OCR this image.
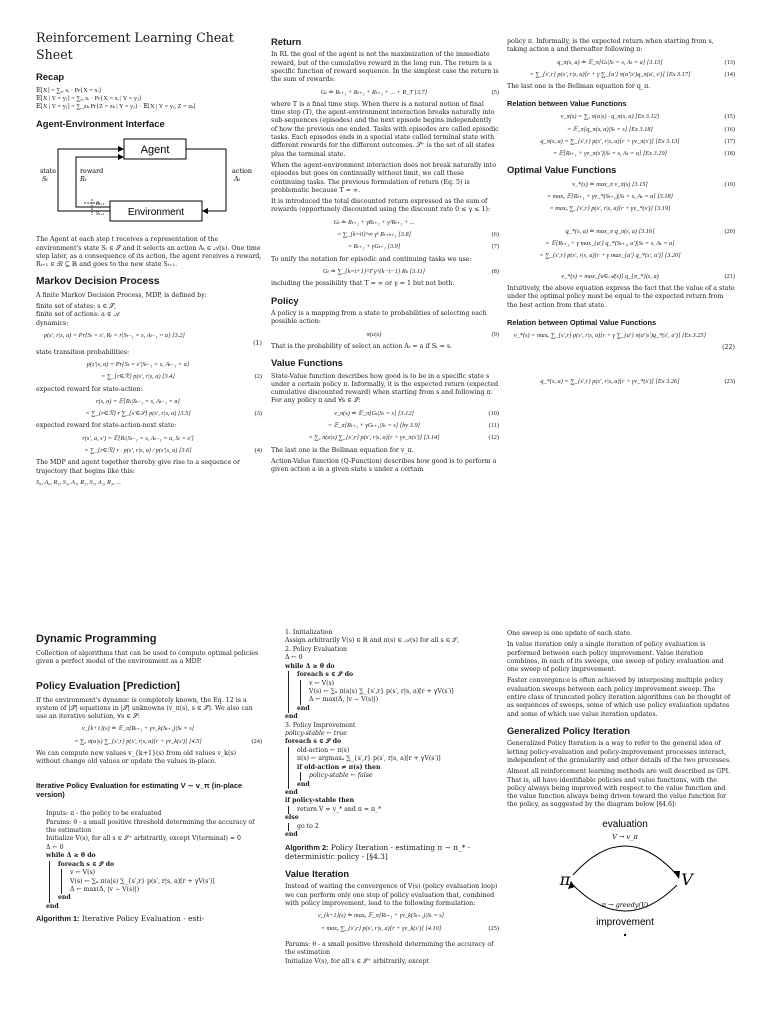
Reinforcement Learning Cheat Sheet
Recap
𝔼[X] = ∑ₓᵢ xᵢ · Pr{X = xᵢ}
𝔼[X | Y = yⱼ] = ∑ₓᵢ xᵢ · Pr{X = xᵢ | Y = yⱼ}
𝔼[X | Y = yⱼ] = ∑_zₖ Pr{Z = zₖ | Y = yⱼ} · 𝔼[X | Y = yⱼ, Z = zₖ]
Agent-Environment Interface
Agent
Environment
state
Sₜ
reward
Rₜ
action
Aₜ
Rₜ₊₁
Sₜ₊₁

The Agent at each step t receives a representation of the environment's state Sₜ ∈ 𝒮 and it selects an action Aₜ ∈ 𝒜(s). One time step later, as a consequence of its action, the agent receives a reward, Rₜ₊₁ ∈ ℛ ⊆ ℝ and goes to the new state Sₜ₊₁.

Markov Decision Process

A finite Markov Decision Process, MDP, is defined by:

finite set of states: s ∈ 𝒮,
finite set of actions: a ∈ 𝒜
dynamics:
p(s′, r|s, a) = Pr{Sₜ = s′, Rₜ = r|Sₜ₋₁ = s, Aₜ₋₁ = a} [3.2]
(1)

state transition probabilities:

p(s′|s, a) = Pr{Sₜ = s′|Sₜ₋₁ = s, Aₜ₋₁ = a}
= ∑_{r∈ℛ} p(s′, r|s, a) [3.4]	(2)

expected reward for state-action:

r(s, a) = 𝔼[Rₜ|Sₜ₋₁ = s, Aₜ₋₁ = a]
= ∑_{r∈ℛ} r ∑_{s′∈𝒮} p(s′, r|s, a) [3.5]	(3)

expected reward for state-action-next state:

r(s′, a, s′) = 𝔼[Rₜ|Sₜ₋₁ = s, Aₜ₋₁ = a, Sₜ = s′]
= ∑_{r∈ℛ} r · p(s′, r|s, a) / p(s′|s, a) [3.6]	(4)

The MDP and agent together thereby give rise to a sequence or trajectory that begins like this:

S₀, A₀, R₁, S₁, A₁, R₂, S₂, A₂, R₃, ...
Return

In RL the goal of the agent is not the maximization of the immediate reward, but of the cumulative reward in the long run. The return is a specific function of reward sequence. In the simplest case the return is the sum of rewards:

Gₜ ≐ Rₜ₊₁ + Rₜ₊₂ + Rₜ₊₃ + ... + R_T [3.7]	(5)

where T is a final time step. When there is a natural notion of final time step (T), the agent-environment interaction breaks naturally into sub-sequences (episodes) and the next episode begins independently of how the previous one ended. Tasks with episodes are called episodic tasks. Each episodes ends in a special state called terminal state with different rewards for the different outcomes. 𝒮⁺ is the set of all states plus the terminal state.

When the agent-environment interaction does not break naturally into episodes but goes on continually without limit, we call these continuing tasks. The previous formulation of return (Eq. 5) is problematic because T = ∞.

It is introduced the total discounted return expressed as the sum of rewards (opportunely discounted using the discount rate 0 ≤ γ ≤ 1):

Gₜ ≐ Rₜ₊₁ + γRₜ₊₂ + γ²Rₜ₊₃ + ...
= ∑_{k=0}^∞ γᵏ Rₜ₊ₖ₊₁ [3.8]	(6)
= Rₜ₊₁ + γGₜ₊₁ [3.9]	(7)

To unify the notation for episodic and continuing tasks we use:

Gₜ ≐ ∑_{k=t+1}^T γ^{k−t−1} Rₖ [3.11]	(8)

including the possibility that T = ∞ or γ = 1 but not both.

Policy

A policy is a mapping from a state to probabilities of selecting each possible action:

π(a|s)	(9)

That is the probability of select an action Aₜ = a if Sₜ = s.

Value Functions

State-Value function describes how good is to be in a specific state s under a certain policy π. Informally, it is the expected return (expected cumulative discounted reward) when starting from s and following π. For any policy π and ∀s ∈ 𝒮:

v_π(s) ≐ 𝔼_π[Gₜ|Sₜ = s] [3.12]	(10)
= 𝔼_π[Rₜ₊₁ + γGₜ₊₁|Sₜ = s] [by 3.9]	(11)
= ∑ₐ π(a|s) ∑_{s′,r} p(s′, r|s, a)[r + γv_π(s′)] [3.14]	(12)

The last one is the Bellman equation for v_π.

Action-Value function (Q-Function) describes how good is to perform a given action a in a given state s under a certain

policy π. Informally, is the expected return when starting from s, taking action a and thereafter following π:

q_π(s, a) ≐ 𝔼_π[Gₜ|Sₜ = s, Aₜ = a] [3.13]	(13)
= ∑_{s′,r} p(s′, r|s, a)[r + γ ∑_{a′} π(a′|s′)q_π(a′, s′)] [Ex 3.17]	(14)

The last one is the Bellman equation for q_π.

Relation between Value Functions
v_π(s) = ∑ₐ π(a|s) · q_π(s, a) [Ex 3.12]	(15)
= 𝔼_π[q_π(s, a)|Sₜ = s] [Ex 3.18]	(16)
q_π(s, a) = ∑_{s′,r} p(s′, r|s, a)[r + γv_π(s′)] [Ex 3.13]	(17)
= 𝔼[Rₜ₊₁ + γv_π(s′)|Sₜ = s, Aₜ = a] [Ex 3.19]	(18)
Optimal Value Functions
v_*(s) ≐ max_π v_π(s) [3.15]	(19)
= maxₐ 𝔼[Rₜ₊₁ + γv_*(Sₜ₊₁)|Sₜ = s, Aₜ = a] [3.18]
= maxₐ ∑_{s′,r} p(s′, r|s, a)[r + γv_*(s′)] [3.19]
q_*(s, a) ≐ max_π q_π(s, a) [3.16]	(20)
= 𝔼[Rₜ₊₁ + γ max_{a′} q_*(Sₜ₊₁, a′)|Sₜ = s, Aₜ = a]
= ∑_{s′,r} p(s′, r|s, a)[r + γ max_{a′} q_*(s′, a′)] [3.20]
v_*(s) = max_{a∈𝒜(s)} q_{π_*}(s, a)	(21)

Intuitively, the above equation express the fact that the value of a state under the optimal policy must be equal to the expected return from the best action from that state.

Relation between Optimal Value Functions
v_*(s) = maxₐ ∑_{s′,r} p(s′, r|s, a)[r + γ ∑_{a′} π(a′|s′)q_*(s′, a′)] [Ex 3.25]
(22)
q_*(s, a) = ∑_{s′,r} p(s′, r|s, a)[r + γv_*(s′)] [Ex 3.26]	(23)
Dynamic Programming

Collection of algorithms that can be used to compute optimal policies given a perfect model of the environment as a MDP.

Policy Evaluation [Prediction]

If the environment's dynamic is completely known, the Eq. 12 is a system of |𝒮| equations in |𝒮| unknowns (v_π(s), s ∈ 𝒮). We also can use an iterative solution, ∀s ∈ 𝒮:

v_{k+1}(s) ≐ 𝔼_π[Rₜ₊₁ + γv_k(Sₜ₊₁)|Sₜ = s]
= ∑ₐ π(a|s) ∑_{s′,r} p(s′, r|s, a)[r + γv_k(s′)] [4.5]	(24)

We can compute new values v_{k+1}(s) from old values v_k(s) without change old values or update the values in-place.

Iterative Policy Evaluation for estimating V ∼ v_π (in-place version)
Inputs: π - the policy to be evaluated
Params: θ - a small positive threshold determining the accuracy of the estimation
Initialize V(s), for all s ∈ 𝒮⁺ arbitrarily, except V(terminal) = 0
Δ ← 0
while Δ ≥ θ do
foreach s ∈ 𝒮 do
v ← V(s)
V(s) ← ∑ₐ π(a|s) ∑_{s′,r} p(s′, r|s, a)[r + γV(s′)]
Δ ← max(Δ, |v − V(s)|)
end
end
Algorithm 1: Iterative Policy Evaluation - esti-
1. Initialization
Assign arbitrarily V(s) ∈ ℝ and π(s) ∈ 𝒜(s) for all s ∈ 𝒮,
2. Policy Evaluation
Δ ← 0
while Δ ≥ θ do
foreach s ∈ 𝒮 do
v ← V(s)
V(s) ← ∑ₐ π(a|s) ∑_{s′,r} p(s′, r|s, a)[r + γV(s′)]
Δ ← max(Δ, |v − V(s)|)
end
end
3. Policy Improvement
policy-stable ← true
foreach s ∈ 𝒮 do
old-action ← π(s)
π(s) ← argmaxₐ ∑_{s′,r} p(s′, r|s, a)[r + γV(s′)]
if old-action ≠ π(s) then
policy-stable ← false
end
end
if policy-stable then
return V ≈ v_* and π ≈ π_*
else
go to 2
end
Algorithm 2: Policy Iteration - estimating π ∼ π_* - deterministic policy - [§4.3]
Value Iteration

Instead of waiting the convergence of V(s) (policy evaluation loop) we can perform only one step of policy evaluation that, combined with policy improvement, lead to the following formulation:

v_{k+1}(s) ≐ maxₐ 𝔼_π[Rₜ₊₁ + γv_k(Sₜ₊₁)|Sₜ = s]
= maxₐ ∑_{s′,r} p(s′, r|s, a)[r + γv_k(s′)] [4.10]	(25)
Params: θ - a small positive threshold determining the accuracy of the estimation
Initialize V(s), for all s ∈ 𝒮⁺ arbitrarily, except

One sweep is one update of each state.

In value iteration only a single iteration of policy evaluation is performed between each policy improvement. Value iteration combines, in each of its sweeps, one sweep of policy evaluation and one sweep of policy improvement.

Faster convergence is often achieved by interposing multiple policy evaluation sweeps between each policy improvement sweep. The entire class of truncated policy iteration algorithms can be thought of as sequences of sweeps, some of which use policy evaluation updates and some of which use value iteration updates.

Generalized Policy Iteration

Generalized Policy Iteration is a way to refer to the general idea of letting policy-evaluation and policy-improvement processes interact, independent of the granularity and other details of the two processes.

Almost all reinforcement learning methods are well described as GPI. That is, all have identifiable policies and value functions, with the policy always being improved with respect to the value function and the value function always being driven toward the value function for the policy, as suggested by the diagram below [§4.6]:

evaluation
V → v_π
π	V
π → greedy(V)
improvement
